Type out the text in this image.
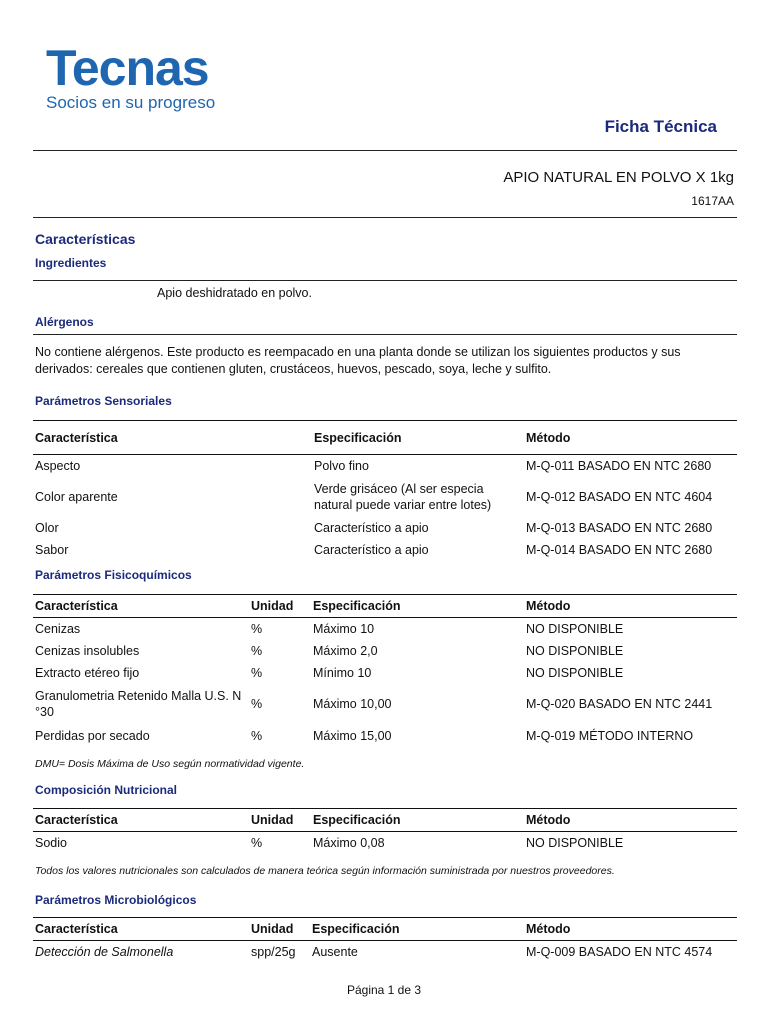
Tecnas
Socios en su progreso
Ficha Técnica
APIO NATURAL EN POLVO X 1kg
1617AA
Características
Ingredientes
Apio deshidratado en polvo.
Alérgenos
No contiene alérgenos. Este producto es reempacado en una planta donde se utilizan los siguientes productos y sus
derivados: cereales que contienen gluten, crustáceos, huevos, pescado, soya, leche y sulfito.
Parámetros Sensoriales
Característica	Especificación	Método
Aspecto	Polvo fino	M-Q-011 BASADO EN NTC 2680
Color aparente	Verde grisáceo (Al ser especia natural puede variar entre lotes)	M-Q-012 BASADO EN NTC 4604
Olor	Característico a apio	M-Q-013 BASADO EN NTC 2680
Sabor	Característico a apio	M-Q-014 BASADO EN NTC 2680
Parámetros Fisicoquímicos
Característica	Unidad	Especificación	Método
Cenizas	%	Máximo 10	NO DISPONIBLE
Cenizas insolubles	%	Máximo 2,0	NO DISPONIBLE
Extracto etéreo fijo	%	Mínimo 10	NO DISPONIBLE
Granulometria Retenido Malla U.S. N °30	%	Máximo 10,00	M-Q-020 BASADO EN NTC 2441
Perdidas por secado	%	Máximo 15,00	M-Q-019 MÉTODO INTERNO
DMU= Dosis Máxima de Uso según normatividad vigente.
Composición Nutricional
Característica	Unidad	Especificación	Método
Sodio	%	Máximo 0,08	NO DISPONIBLE
Todos los valores nutricionales son calculados de manera teórica según información suministrada por nuestros proveedores.
Parámetros Microbiológicos
Característica	Unidad	Especificación	Método
Detección de Salmonella	spp/25g	Ausente	M-Q-009 BASADO EN NTC 4574
Página 1 de 3
